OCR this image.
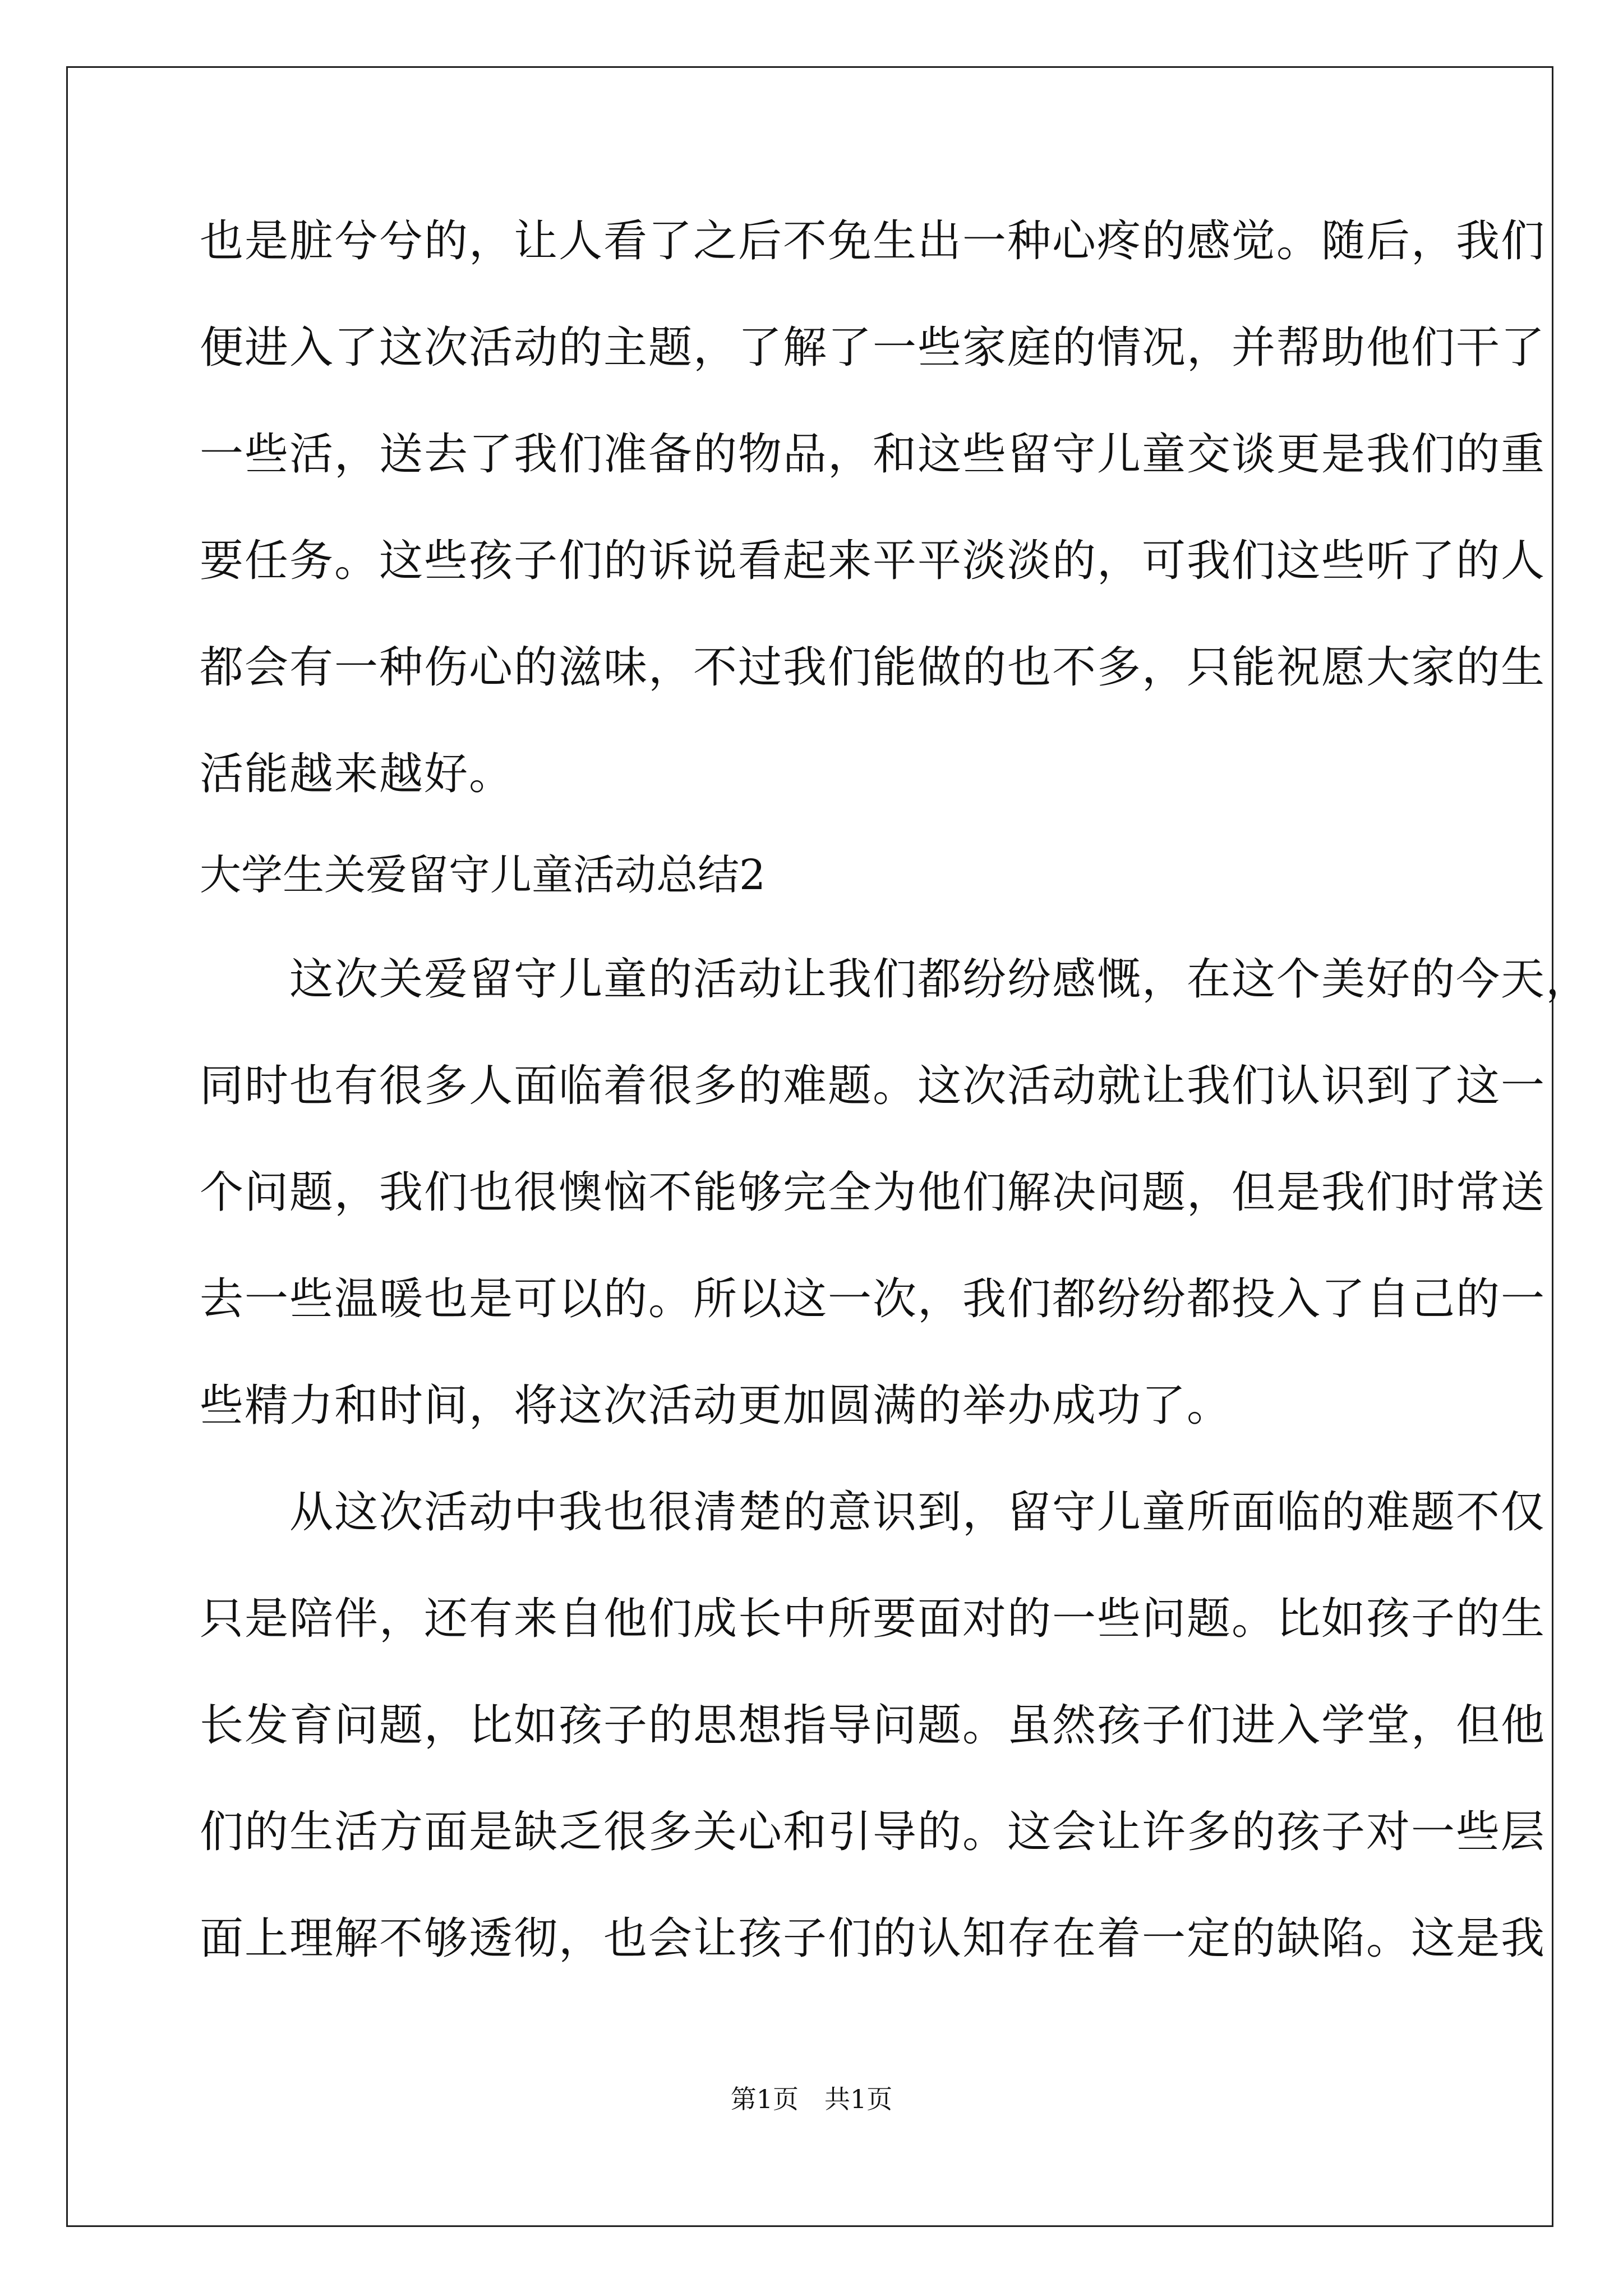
也是脏兮兮的，让人看了之后不免生出一种心疼的感觉。随后，我们
便进入了这次活动的主题，了解了一些家庭的情况，并帮助他们干了
一些活，送去了我们准备的物品，和这些留守儿童交谈更是我们的重
要任务。这些孩子们的诉说看起来平平淡淡的，可我们这些听了的人
都会有一种伤心的滋味，不过我们能做的也不多，只能祝愿大家的生
活能越来越好。
大学生关爱留守儿童活动总结2
　　这次关爱留守儿童的活动让我们都纷纷感慨，在这个美好的今天，
同时也有很多人面临着很多的难题。这次活动就让我们认识到了这一
个问题，我们也很懊恼不能够完全为他们解决问题，但是我们时常送
去一些温暖也是可以的。所以这一次，我们都纷纷都投入了自己的一
些精力和时间，将这次活动更加圆满的举办成功了。
　　从这次活动中我也很清楚的意识到，留守儿童所面临的难题不仅
只是陪伴，还有来自他们成长中所要面对的一些问题。比如孩子的生
长发育问题，比如孩子的思想指导问题。虽然孩子们进入学堂，但他
们的生活方面是缺乏很多关心和引导的。这会让许多的孩子对一些层
面上理解不够透彻，也会让孩子们的认知存在着一定的缺陷。这是我
第1页　共1页
